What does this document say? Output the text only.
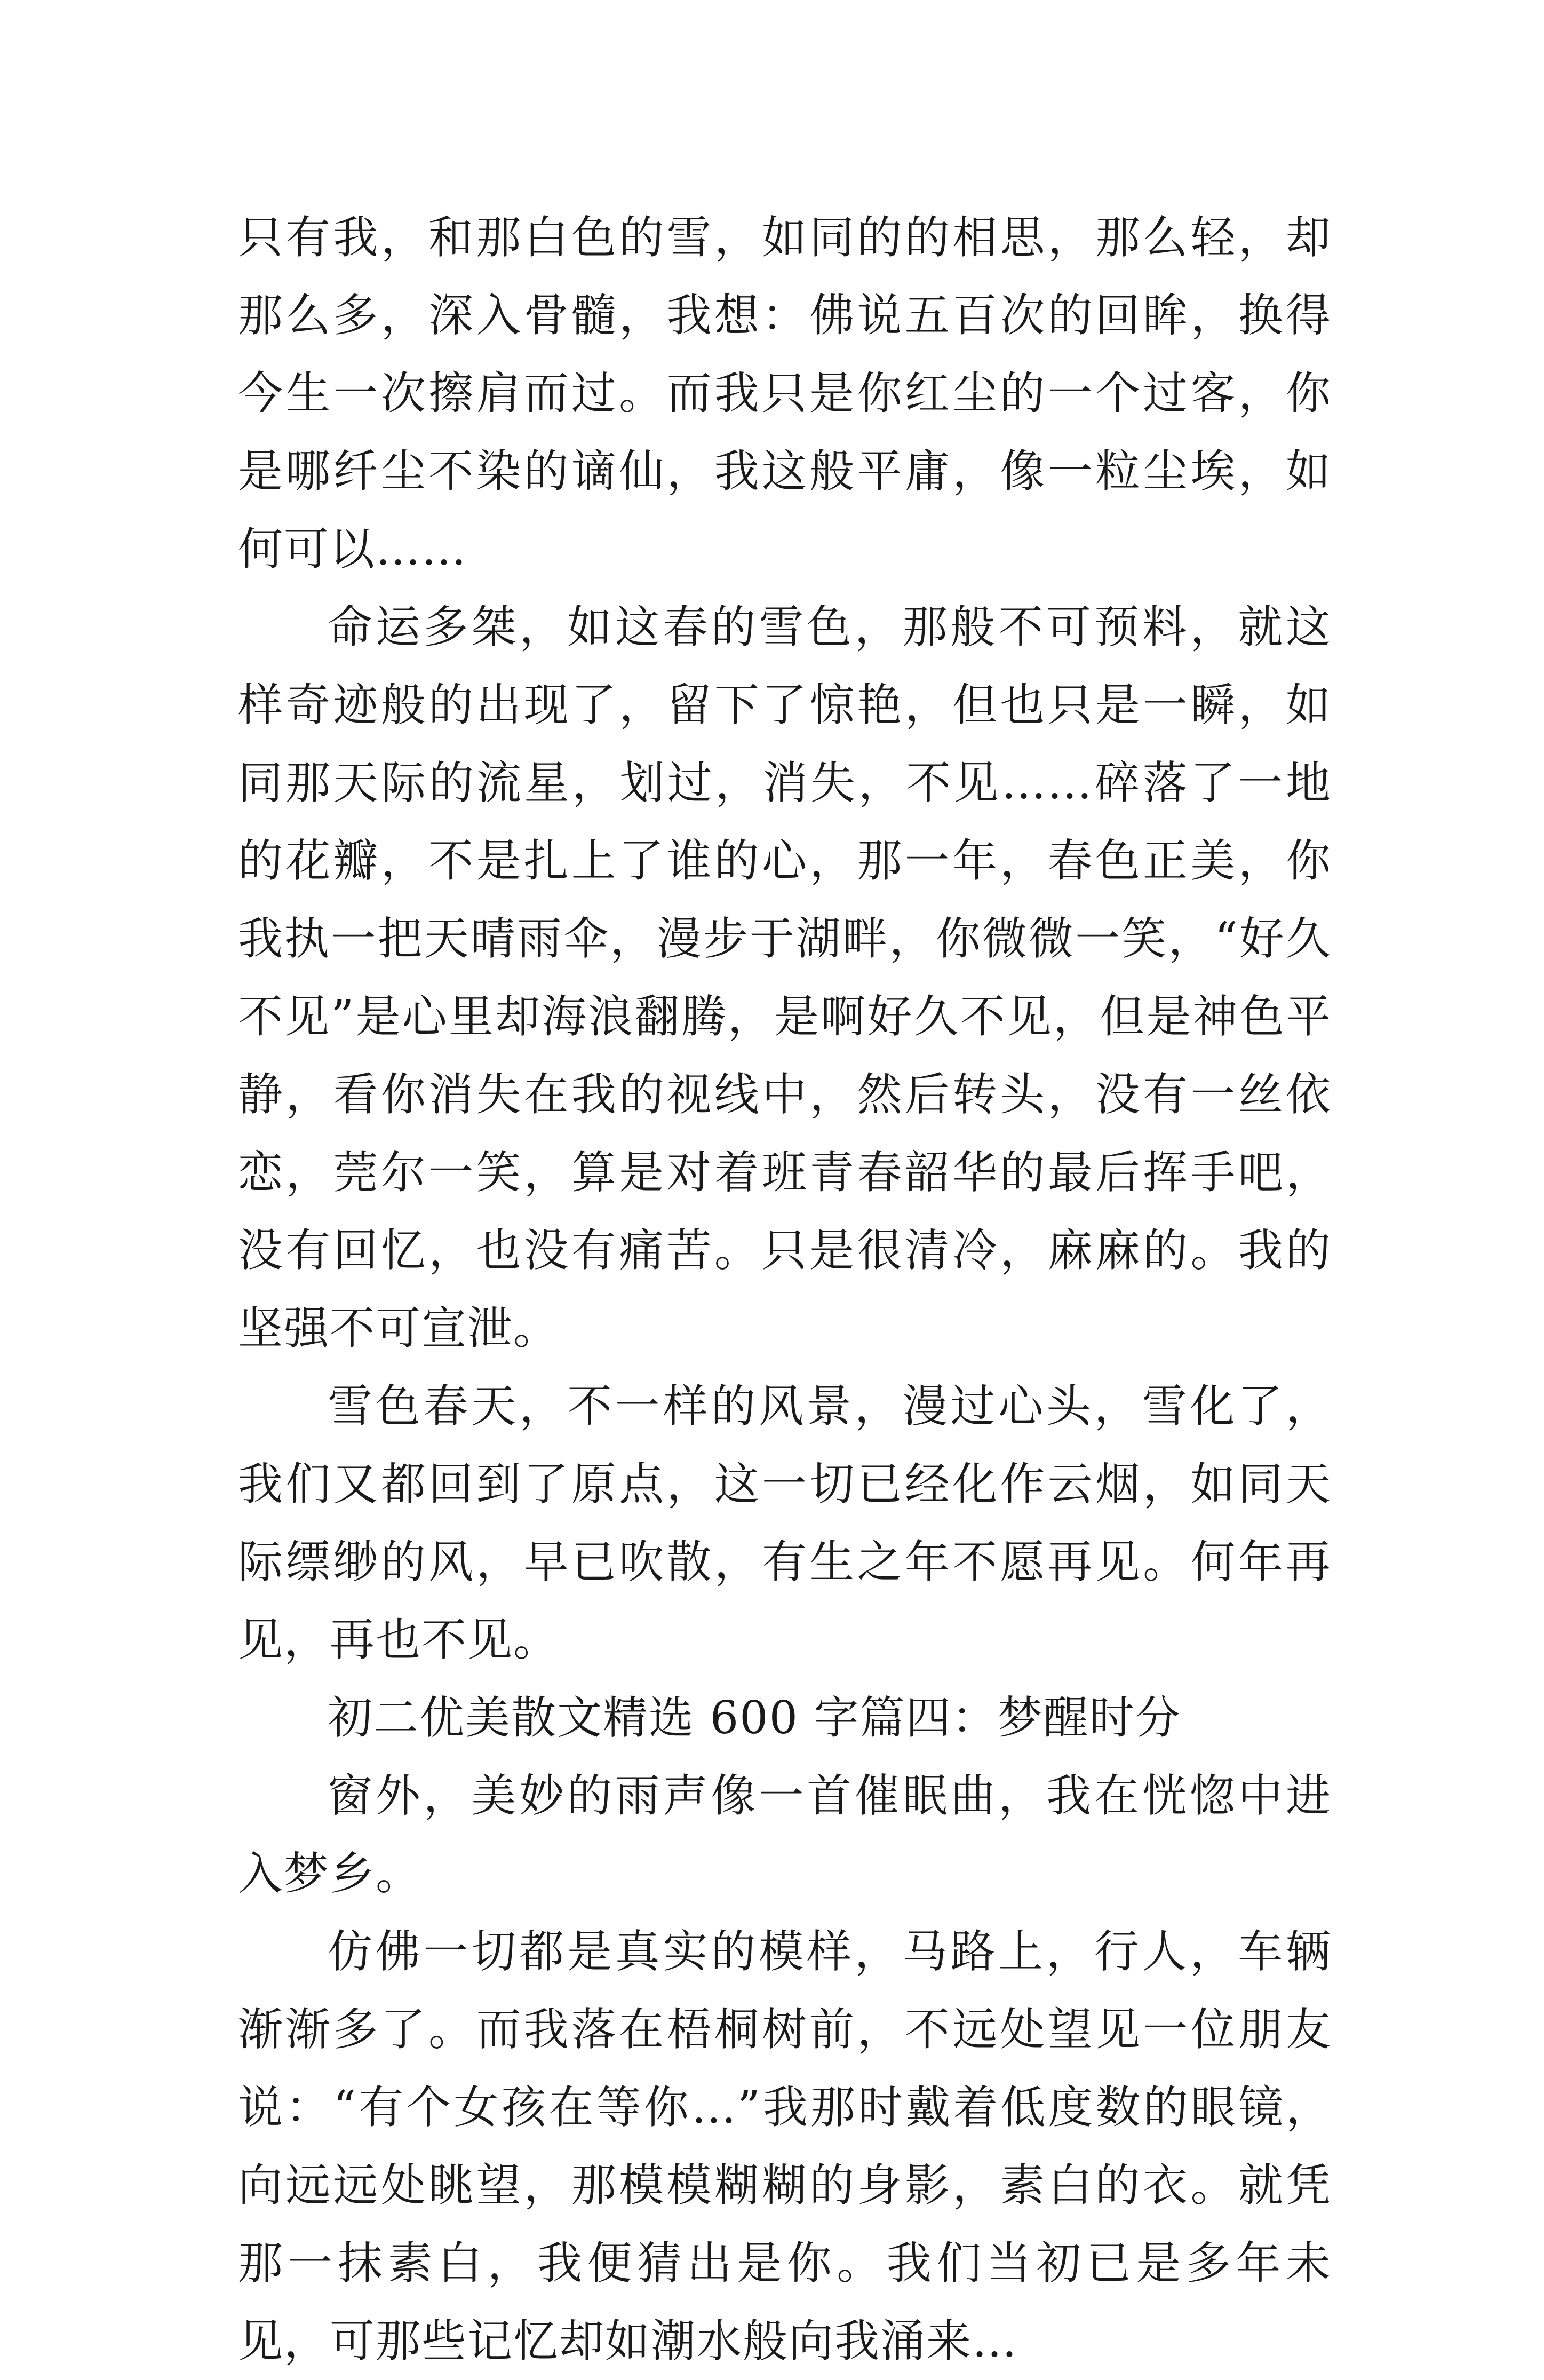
只有我，和那白色的雪，如同的的相思，那么轻，却那么多，深入骨髓，我想：佛说五百次的回眸，换得今生一次擦肩而过。而我只是你红尘的一个过客，你是哪纤尘不染的谪仙，我这般平庸，像一粒尘埃，如何可以……

命运多桀，如这春的雪色，那般不可预料，就这样奇迹般的出现了，留下了惊艳，但也只是一瞬，如同那天际的流星，划过，消失，不见……碎落了一地的花瓣，不是扎上了谁的心，那一年，春色正美，你我执一把天晴雨伞，漫步于湖畔，你微微一笑，“好久不见”是心里却海浪翻腾，是啊好久不见，但是神色平静，看你消失在我的视线中，然后转头，没有一丝依恋，莞尔一笑，算是对着班青春韶华的最后挥手吧，没有回忆，也没有痛苦。只是很清冷，麻麻的。我的坚强不可宣泄。

雪色春天，不一样的风景，漫过心头，雪化了，我们又都回到了原点，这一切已经化作云烟，如同天际缥缈的风，早已吹散，有生之年不愿再见。何年再见，再也不见。

初二优美散文精选 600 字篇四：梦醒时分

窗外，美妙的雨声像一首催眠曲，我在恍惚中进入梦乡。

仿佛一切都是真实的模样，马路上，行人，车辆渐渐多了。而我落在梧桐树前，不远处望见一位朋友说：“有个女孩在等你…”我那时戴着低度数的眼镜，向远远处眺望，那模模糊糊的身影，素白的衣。就凭那一抹素白，我便猜出是你。我们当初已是多年未见，可那些记忆却如潮水般向我涌来…
